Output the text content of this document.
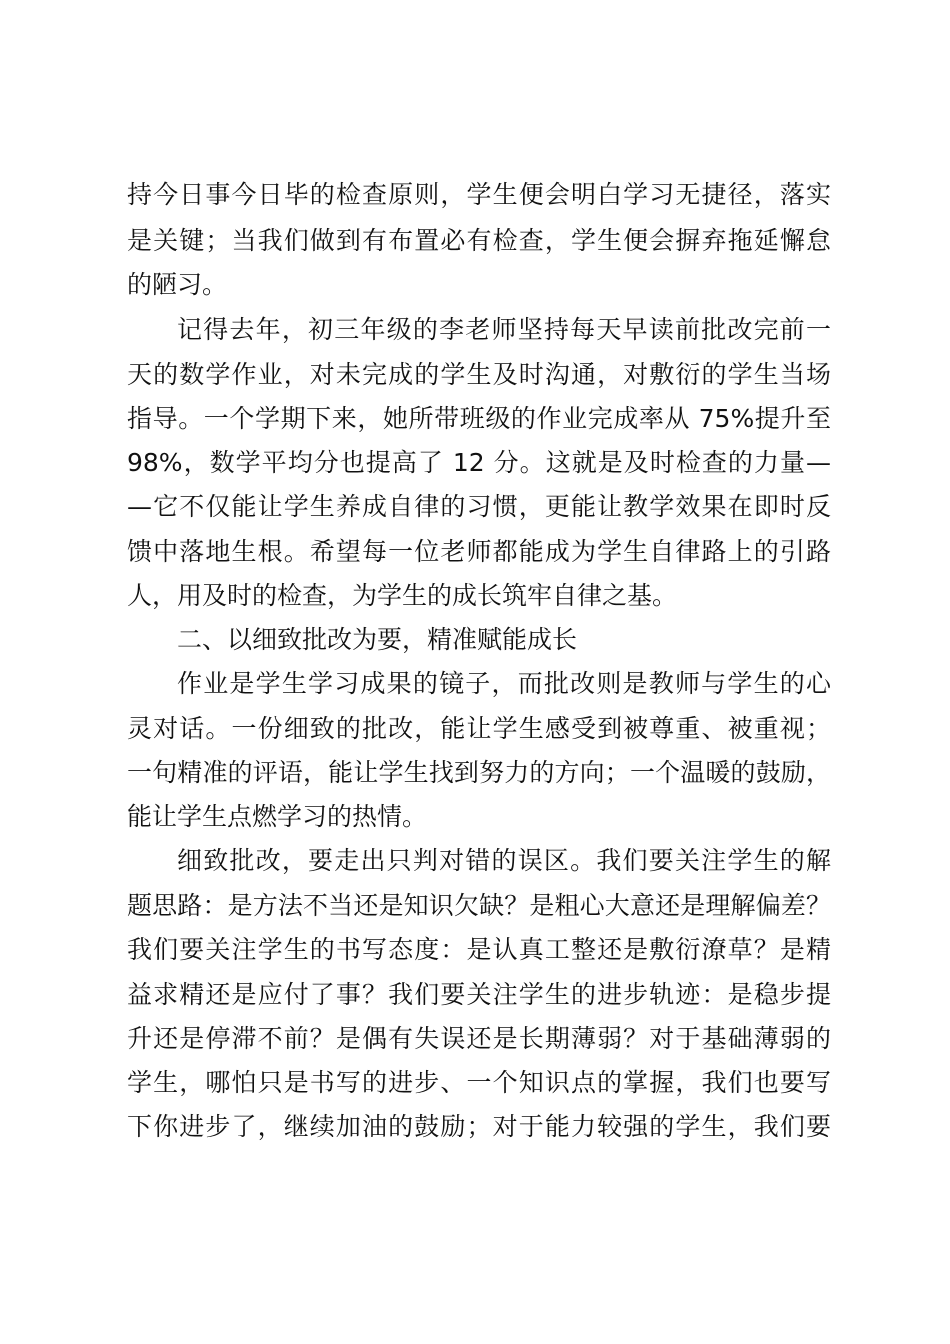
持今日事今日毕的检查原则，学生便会明白学习无捷径，落实

是关键；当我们做到有布置必有检查，学生便会摒弃拖延懈怠

的陋习。

记得去年，初三年级的李老师坚持每天早读前批改完前一

天的数学作业，对未完成的学生及时沟通，对敷衍的学生当场

指导。一个学期下来，她所带班级的作业完成率从 75%提升至

98%，数学平均分也提高了 12 分。这就是及时检查的力量—

—它不仅能让学生养成自律的习惯，更能让教学效果在即时反

馈中落地生根。希望每一位老师都能成为学生自律路上的引路

人，用及时的检查，为学生的成长筑牢自律之基。

二、以细致批改为要，精准赋能成长

作业是学生学习成果的镜子，而批改则是教师与学生的心

灵对话。一份细致的批改，能让学生感受到被尊重、被重视；

一句精准的评语，能让学生找到努力的方向；一个温暖的鼓励，

能让学生点燃学习的热情。

细致批改，要走出只判对错的误区。我们要关注学生的解

题思路：是方法不当还是知识欠缺？是粗心大意还是理解偏差？

我们要关注学生的书写态度：是认真工整还是敷衍潦草？是精

益求精还是应付了事？我们要关注学生的进步轨迹：是稳步提

升还是停滞不前？是偶有失误还是长期薄弱？对于基础薄弱的

学生，哪怕只是书写的进步、一个知识点的掌握，我们也要写

下你进步了，继续加油的鼓励；对于能力较强的学生，我们要
